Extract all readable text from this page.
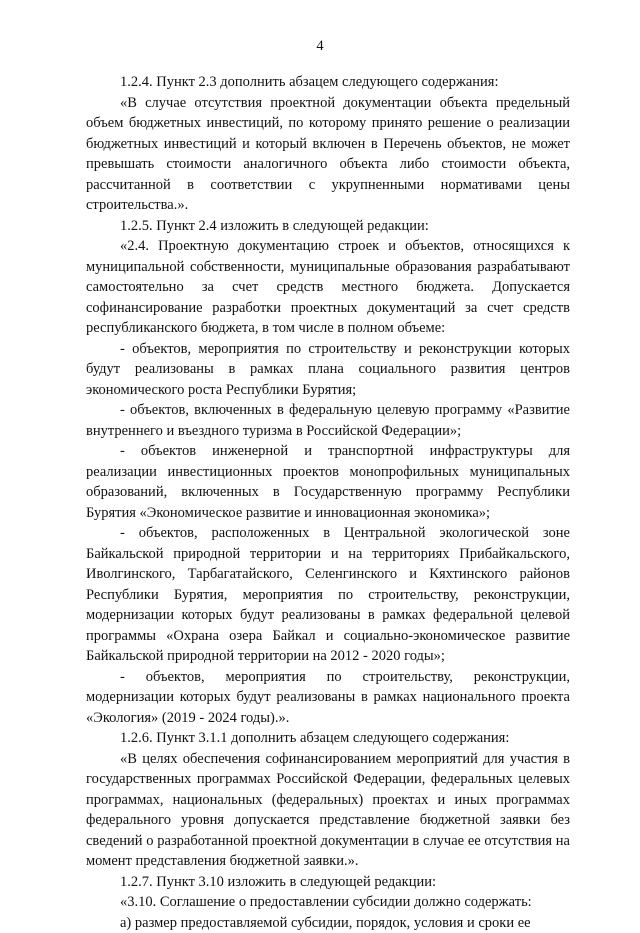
4

1.2.4. Пункт 2.3 дополнить абзацем следующего содержания:

«В случае отсутствия проектной документации объекта предельный объем бюджетных инвестиций, по которому принято решение о реализации бюджетных инвестиций и который включен в Перечень объектов, не может превышать стоимости аналогичного объекта либо стоимости объекта, рассчитанной в соответствии с укрупненными нормативами цены строительства.».

1.2.5. Пункт 2.4 изложить в следующей редакции:

«2.4. Проектную документацию строек и объектов, относящихся к муниципальной собственности, муниципальные образования разрабатывают самостоятельно за счет средств местного бюджета. Допускается софинансирование разработки проектных документаций за счет средств республиканского бюджета, в том числе в полном объеме:

- объектов, мероприятия по строительству и реконструкции которых будут реализованы в рамках плана социального развития центров экономического роста Республики Бурятия;

- объектов, включенных в федеральную целевую программу «Развитие внутреннего и въездного туризма в Российской Федерации»;

- объектов инженерной и транспортной инфраструктуры для реализации инвестиционных проектов монопрофильных муниципальных образований, включенных в Государственную программу Республики Бурятия «Экономическое развитие и инновационная экономика»;

- объектов, расположенных в Центральной экологической зоне Байкальской природной территории и на территориях Прибайкальского, Иволгинского, Тарбагатайского, Селенгинского и Кяхтинского районов Республики Бурятия, мероприятия по строительству, реконструкции, модернизации которых будут реализованы в рамках федеральной целевой программы «Охрана озера Байкал и социально-экономическое развитие Байкальской природной территории на 2012 - 2020 годы»;

- объектов, мероприятия по строительству, реконструкции, модернизации которых будут реализованы в рамках национального проекта «Экология» (2019 - 2024 годы).».

1.2.6. Пункт 3.1.1 дополнить абзацем следующего содержания:

«В целях обеспечения софинансированием мероприятий для участия в государственных программах Российской Федерации, федеральных целевых программах, национальных (федеральных) проектах и иных программах федерального уровня допускается представление бюджетной заявки без сведений о разработанной проектной документации в случае ее отсутствия на момент представления бюджетной заявки.».

1.2.7. Пункт 3.10 изложить в следующей редакции:

«3.10. Соглашение о предоставлении субсидии должно содержать:

а) размер предоставляемой субсидии, порядок, условия и сроки ее
